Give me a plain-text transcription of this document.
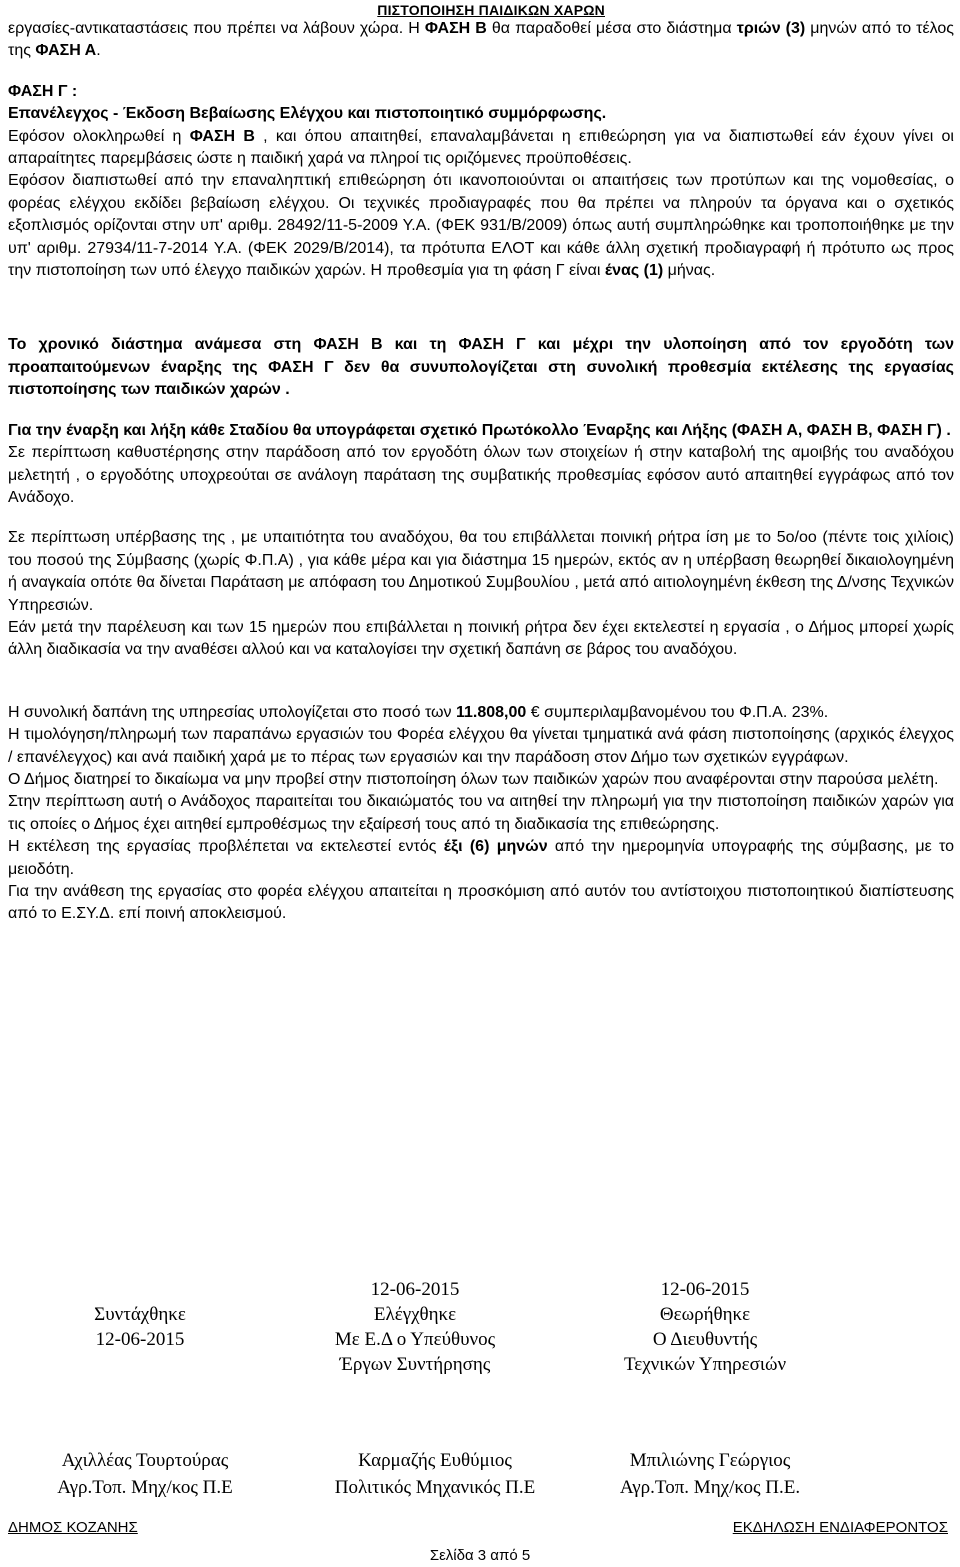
ΠΙΣΤΟΠΟΙΗΣΗ ΠΑΙΔΙΚΩΝ ΧΑΡΩΝ

εργασίες-αντικαταστάσεις που πρέπει να λάβουν χώρα. Η ΦΑΣΗ Β θα παραδοθεί μέσα στο διάστημα τριών (3) μηνών από το τέλος της ΦΑΣΗ Α.

ΦΑΣΗ Γ :

Επανέλεγχος - Έκδοση Βεβαίωσης Ελέγχου και πιστοποιητικό συμμόρφωσης.

Εφόσον ολοκληρωθεί η ΦΑΣΗ Β , και όπου απαιτηθεί, επαναλαμβάνεται η επιθεώρηση για να διαπιστωθεί εάν έχουν γίνει οι απαραίτητες παρεμβάσεις ώστε η παιδική χαρά να πληροί τις οριζόμενες προϋποθέσεις.

Εφόσον διαπιστωθεί από την επαναληπτική επιθεώρηση ότι ικανοποιούνται οι απαιτήσεις των προτύπων και της νομοθεσίας, ο φορέας ελέγχου εκδίδει βεβαίωση ελέγχου. Οι τεχνικές προδιαγραφές που θα πρέπει να πληρούν τα όργανα και ο σχετικός εξοπλισμός ορίζονται στην υπ' αριθμ. 28492/11-5-2009 Υ.Α. (ΦΕΚ 931/Β/2009) όπως αυτή συμπληρώθηκε και τροποποιήθηκε με την υπ' αριθμ. 27934/11-7-2014 Υ.Α. (ΦΕΚ 2029/Β/2014), τα πρότυπα ΕΛΟΤ και κάθε άλλη σχετική προδιαγραφή ή πρότυπο ως προς την πιστοποίηση των υπό έλεγχο παιδικών χαρών. Η προθεσμία για τη φάση Γ είναι ένας (1) μήνας.

Το χρονικό διάστημα ανάμεσα στη ΦΑΣΗ Β και τη ΦΑΣΗ Γ και μέχρι την υλοποίηση από τον εργοδότη των προαπαιτούμενων έναρξης της ΦΑΣΗ Γ δεν θα συνυπολογίζεται στη συνολική προθεσμία εκτέλεσης της εργασίας πιστοποίησης των παιδικών χαρών .

Για την έναρξη και λήξη κάθε Σταδίου θα υπογράφεται σχετικό Πρωτόκολλο Έναρξης και Λήξης (ΦΑΣΗ Α, ΦΑΣΗ Β, ΦΑΣΗ Γ) .

Σε περίπτωση καθυστέρησης στην παράδοση από τον εργοδότη όλων των στοιχείων ή στην καταβολή της αμοιβής του αναδόχου μελετητή , ο εργοδότης υποχρεούται σε ανάλογη παράταση της συμβατικής προθεσμίας εφόσον αυτό απαιτηθεί εγγράφως από τον Ανάδοχο.

Σε περίπτωση υπέρβασης της , με υπαιτιότητα του αναδόχου, θα του επιβάλλεται ποινική ρήτρα ίση με το 5ο/οο (πέντε τοις χιλίοις) του ποσού της Σύμβασης (χωρίς Φ.Π.Α) , για κάθε μέρα και για διάστημα 15 ημερών, εκτός αν η υπέρβαση θεωρηθεί δικαιολογημένη ή αναγκαία οπότε θα δίνεται Παράταση με απόφαση του Δημοτικού Συμβουλίου , μετά από αιτιολογημένη έκθεση της Δ/νσης Τεχνικών Υπηρεσιών.

Εάν μετά την παρέλευση και των 15 ημερών που επιβάλλεται η ποινική ρήτρα δεν έχει εκτελεστεί η εργασία , ο Δήμος μπορεί χωρίς άλλη διαδικασία να την αναθέσει αλλού και να καταλογίσει την σχετική δαπάνη σε βάρος του αναδόχου.

Η συνολική δαπάνη της υπηρεσίας υπολογίζεται στο ποσό των 11.808,00 € συμπεριλαμβανομένου του Φ.Π.Α. 23%.

Η τιμολόγηση/πληρωμή των παραπάνω εργασιών του Φορέα ελέγχου θα γίνεται τμηματικά ανά φάση πιστοποίησης (αρχικός έλεγχος / επανέλεγχος) και ανά παιδική χαρά με το πέρας των εργασιών και την παράδοση στον Δήμο των σχετικών εγγράφων.

Ο Δήμος διατηρεί το δικαίωμα να μην προβεί στην πιστοποίηση όλων των παιδικών χαρών που αναφέρονται στην παρούσα μελέτη.

Στην περίπτωση αυτή ο Ανάδοχος παραιτείται του δικαιώματός του να αιτηθεί την πληρωμή για την πιστοποίηση παιδικών χαρών για τις οποίες ο Δήμος έχει αιτηθεί εμπροθέσμως την εξαίρεσή τους από τη διαδικασία της επιθεώρησης.

Η εκτέλεση της εργασίας προβλέπεται να εκτελεστεί εντός έξι (6) μηνών από την ημερομηνία υπογραφής της σύμβασης, με το μειοδότη.

Για την ανάθεση της εργασίας στο φορέα ελέγχου απαιτείται η προσκόμιση από αυτόν του αντίστοιχου πιστοποιητικού διαπίστευσης από το Ε.ΣΥ.Δ. επί ποινή αποκλεισμού.

Συντάχθηκε
12-06-2015
12-06-2015
Ελέγχθηκε
Με Ε.Δ ο Υπεύθυνος
Έργων Συντήρησης
12-06-2015
Θεωρήθηκε
Ο Διευθυντής
Τεχνικών Υπηρεσιών
Αχιλλέας Τουρτούρας
Αγρ.Τοπ. Μηχ/κος Π.Ε
Καρμαζής Ευθύμιος
Πολιτικός Μηχανικός Π.Ε
Μπιλιώνης Γεώργιος
Αγρ.Τοπ. Μηχ/κος Π.Ε.
ΔΗΜΟΣ ΚΟΖΑΝΗΣ	ΕΚΔΗΛΩΣΗ ΕΝΔΙΑΦΕΡΟΝΤΟΣ
Σελίδα 3 από 5
